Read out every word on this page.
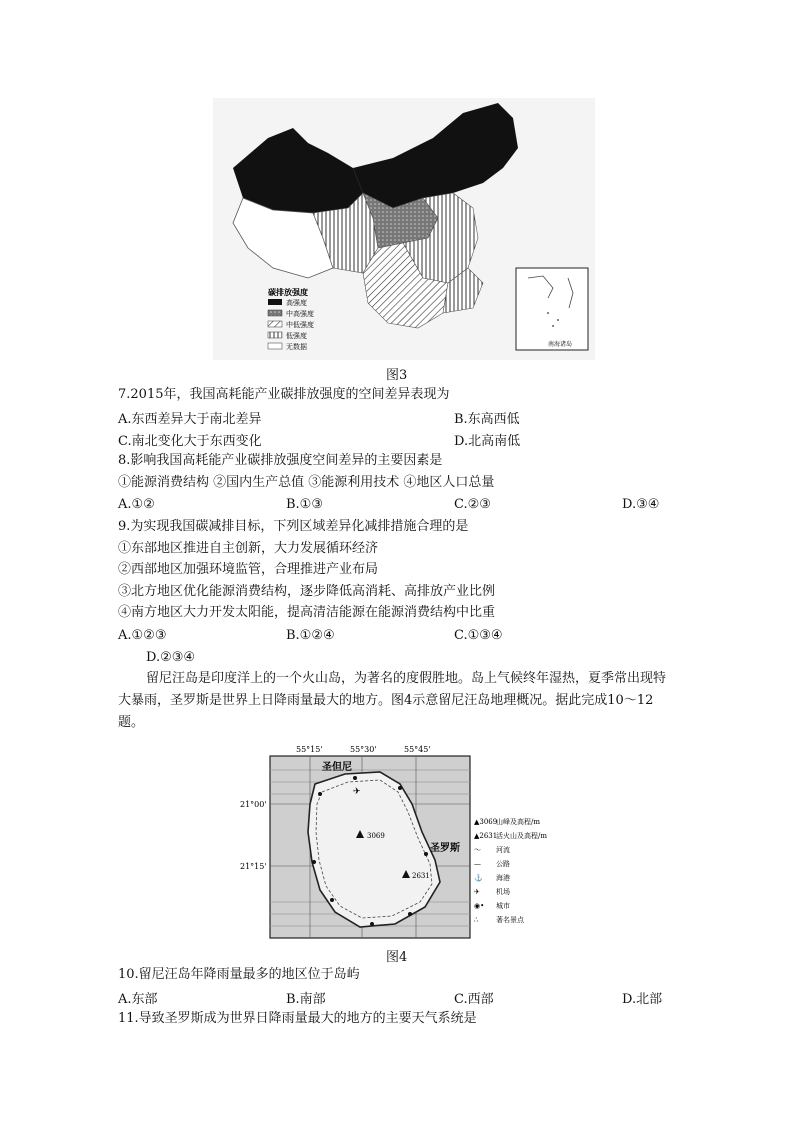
碳排放强度
高强度
中高强度
中低强度
低强度
无数据	南海诸岛
图3
7.2015年，我国高耗能产业碳排放强度的空间差异表现为
A.东西差异大于南北差异	B.东高西低
C.南北变化大于东西变化	D.北高南低
8.影响我国高耗能产业碳排放强度空间差异的主要因素是
①能源消费结构 ②国内生产总值 ③能源利用技术 ④地区人口总量
A.①②	B.①③	C.②③	D.③④
9.为实现我国碳减排目标，下列区域差异化减排措施合理的是
①东部地区推进自主创新，大力发展循环经济
②西部地区加强环境监管，合理推进产业布局
③北方地区优化能源消费结构，逐步降低高消耗、高排放产业比例
④南方地区大力开发太阳能，提高清洁能源在能源消费结构中比重
A.①②③	B.①②④	C.①③④
D.②③④
留尼汪岛是印度洋上的一个火山岛，为著名的度假胜地。岛上气候终年湿热，夏季常出现特大暴雨，圣罗斯是世界上日降雨量最大的地方。图4示意留尼汪岛地理概况。据此完成10～12题。
3069
2631
✈
圣但尼
圣罗斯
55°15'	55°30'	55°45'
21°00'
21°15'
▲3069
山峰及高程/m
▲2631
活火山及高程/m
～ 河流
— 公路
⚓ 海港
✈ 机场
◉• 城市
∴	著名景点
图4
10.留尼汪岛年降雨量最多的地区位于岛屿
A.东部	B.南部	C.西部	D.北部
11.导致圣罗斯成为世界日降雨量最大的地方的主要天气系统是
